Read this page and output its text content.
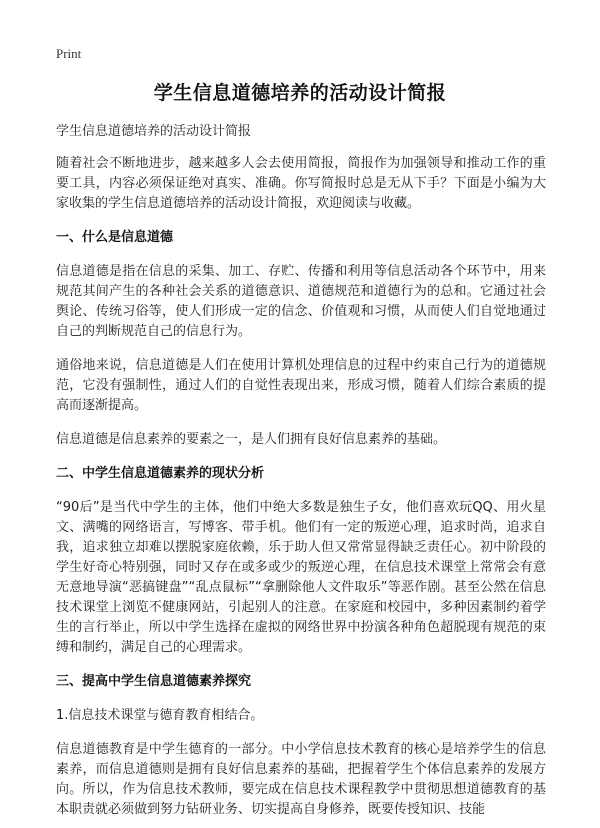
Print
学生信息道德培养的活动设计简报
学生信息道德培养的活动设计简报

随着社会不断地进步，越来越多人会去使用简报，简报作为加强领导和推动工作的重要工具，内容必须保证绝对真实、准确。你写简报时总是无从下手？下面是小编为大家收集的学生信息道德培养的活动设计简报，欢迎阅读与收藏。

一、什么是信息道德

信息道德是指在信息的采集、加工、存贮、传播和利用等信息活动各个环节中，用来规范其间产生的各种社会关系的道德意识、道德规范和道德行为的总和。它通过社会舆论、传统习俗等，使人们形成一定的信念、价值观和习惯，从而使人们自觉地通过自己的判断规范自己的信息行为。

通俗地来说，信息道德是人们在使用计算机处理信息的过程中约束自己行为的道德规范，它没有强制性，通过人们的自觉性表现出来，形成习惯，随着人们综合素质的提高而逐渐提高。

信息道德是信息素养的要素之一，是人们拥有良好信息素养的基础。

二、中学生信息道德素养的现状分析

“90后”是当代中学生的主体，他们中绝大多数是独生子女，他们喜欢玩QQ、用火星文、满嘴的网络语言，写博客、带手机。他们有一定的叛逆心理，追求时尚，追求自我，追求独立却难以摆脱家庭依赖，乐于助人但又常常显得缺乏责任心。初中阶段的学生好奇心特别强，同时又存在或多或少的叛逆心理，在信息技术课堂上常常会有意无意地导演“恶搞键盘”“乱点鼠标”“拿删除他人文件取乐”等恶作剧。甚至公然在信息技术课堂上浏览不健康网站，引起别人的注意。在家庭和校园中，多种因素制约着学生的言行举止，所以中学生选择在虚拟的网络世界中扮演各种角色超脱现有规范的束缚和制约，满足自己的心理需求。

三、提高中学生信息道德素养探究

1.信息技术课堂与德育教育相结合。

信息道德教育是中学生德育的一部分。中小学信息技术教育的核心是培养学生的信息素养，而信息道德则是拥有良好信息素养的基础，把握着学生个体信息素养的发展方向。所以，作为信息技术教师，要完成在信息技术课程教学中贯彻思想道德教育的基本职责就必须做到努力钻研业务、切实提高自身修养，既要传授知识、技能
